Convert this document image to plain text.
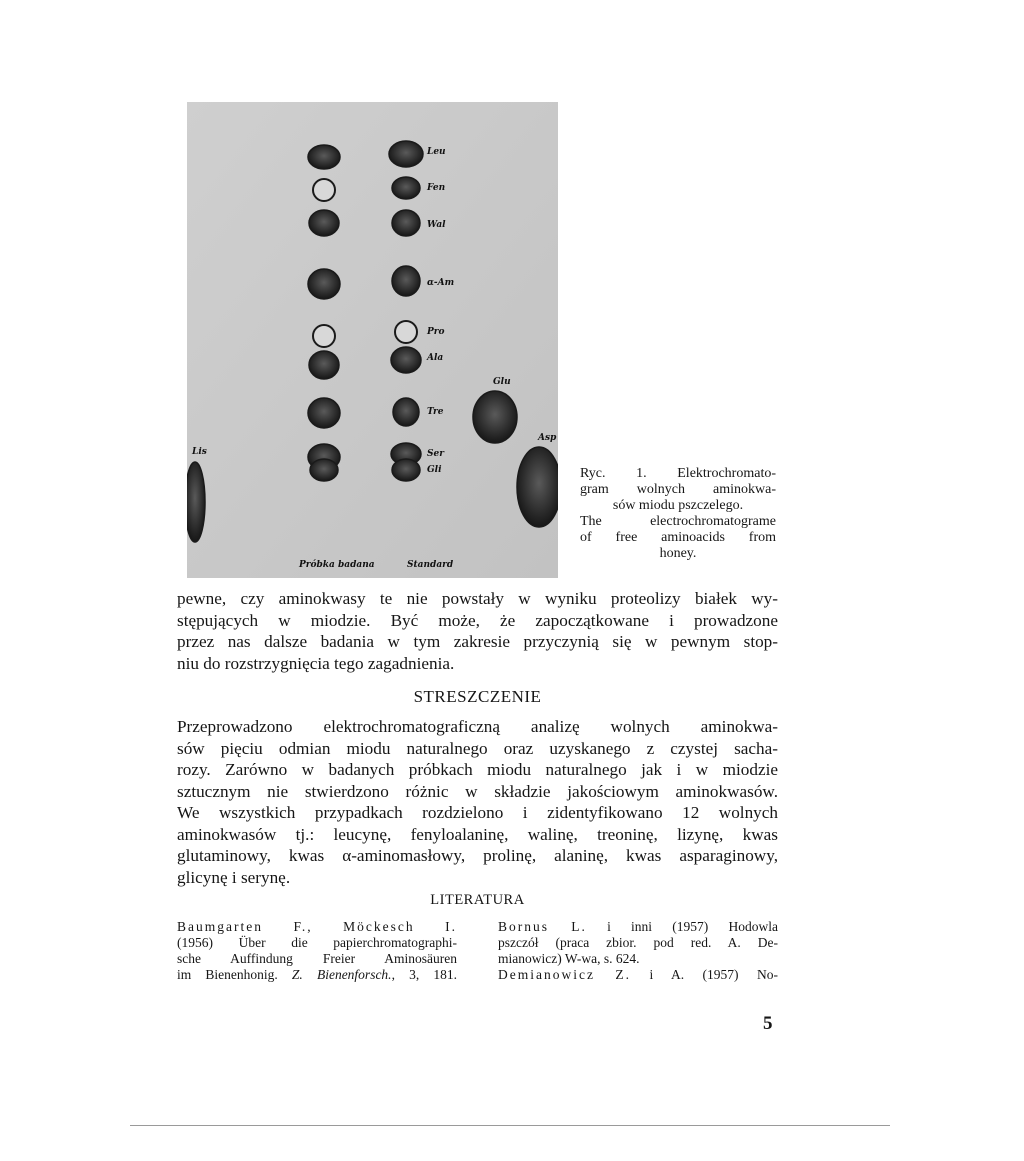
Leu
Fen
Wal
α-Am
Pro
Ala
Tre
Ser
Gli
Glu
Asp
Lis
Próbka badana	Standard
Ryc. 1. Elektrochromato-
gram wolnych aminokwa-
sów miodu pszczelego.
The electrochromatograme
of free aminoacids from
honey.
pewne, czy aminokwasy te nie powstały w wyniku proteolizy białek wy-
stępujących w miodzie. Być może, że zapoczątkowane i prowadzone
przez nas dalsze badania w tym zakresie przyczynią się w pewnym stop-
niu do rozstrzygnięcia tego zagadnienia.
STRESZCZENIE
Przeprowadzono elektrochromatograficzną analizę wolnych aminokwa-
sów pięciu odmian miodu naturalnego oraz uzyskanego z czystej sacha-
rozy. Zarówno w badanych próbkach miodu naturalnego jak i w miodzie
sztucznym nie stwierdzono różnic w składzie jakościowym aminokwasów.
We wszystkich przypadkach rozdzielono i zidentyfikowano 12 wolnych
aminokwasów tj.: leucynę, fenyloalaninę, walinę, treoninę, lizynę, kwas
glutaminowy, kwas α-aminomasłowy, prolinę, alaninę, kwas asparaginowy,
glicynę i serynę.
LITERATURA
Baumgarten F., Möckesch I.
(1956) Über die papierchromatographi-
sche Auffindung Freier Aminosäuren
im Bienenhonig. Z. Bienenforsch., 3, 181.
Bornus L. i inni (1957) Hodowla
pszczół (praca zbior. pod red. A. De-
mianowicz) W-wa, s. 624.
Demianowicz Z. i A. (1957) No-
5
